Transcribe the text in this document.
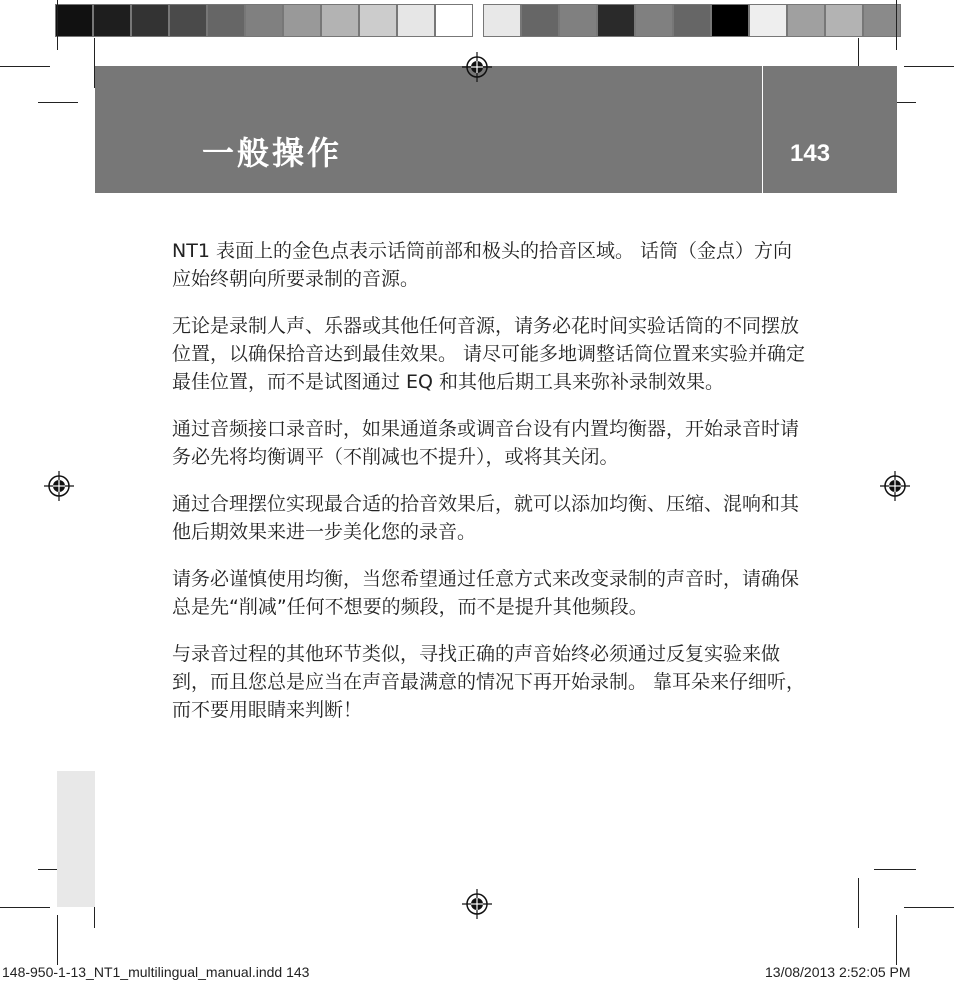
一般操作	143

NT1 表面上的金色点表示话筒前部和极头的拾音区域。 话筒（金点）方向应始终朝向所要录制的音源。

无论是录制人声、乐器或其他任何音源，请务必花时间实验话筒的不同摆放位置，以确保拾音达到最佳效果。 请尽可能多地调整话筒位置来实验并确定最佳位置，而不是试图通过 EQ 和其他后期工具来弥补录制效果。

通过音频接口录音时，如果通道条或调音台设有内置均衡器，开始录音时请务必先将均衡调平（不削减也不提升），或将其关闭。

通过合理摆位实现最合适的拾音效果后，就可以添加均衡、压缩、混响和其他后期效果来进一步美化您的录音。

请务必谨慎使用均衡，当您希望通过任意方式来改变录制的声音时，请确保总是先“削减”任何不想要的频段，而不是提升其他频段。

与录音过程的其他环节类似，寻找正确的声音始终必须通过反复实验来做到，而且您总是应当在声音最满意的情况下再开始录制。 靠耳朵来仔细听，而不要用眼睛来判断！

148-950-1-13_NT1_multilingual_manual.indd 143	13/08/2013 2:52:05 PM
